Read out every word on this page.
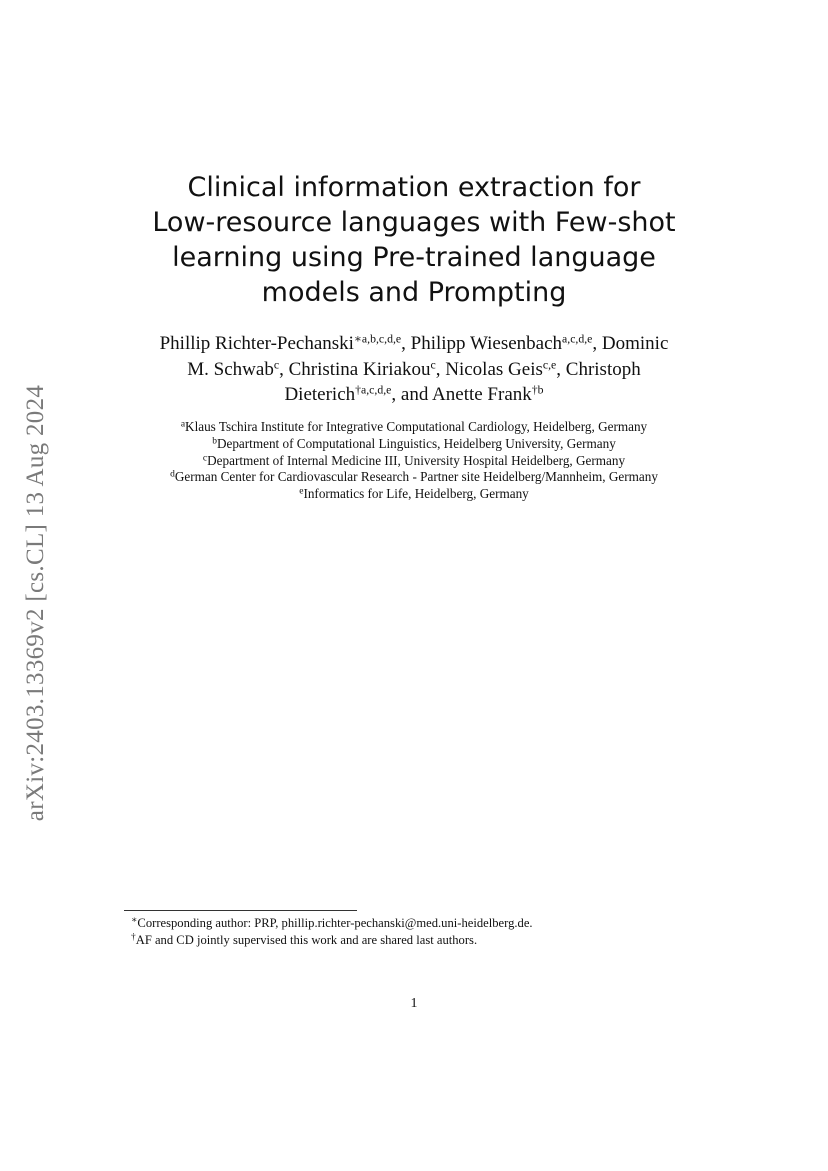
arXiv:2403.13369v2 [cs.CL] 13 Aug 2024
Clinical information extraction for
Low-resource languages with Few-shot
learning using Pre-trained language
models and Prompting
Phillip Richter-Pechanski$^{∗a,b,c,d,e}$, Philipp Wiesenbach$^{a,c,d,e}$, Dominic
M. Schwab$^c$, Christina Kiriakou$^c$, Nicolas Geis$^{c,e}$, Christoph
Dieterich$^{\dagger a,c,d,e}$, and Anette Frank$^{\dagger b}$
$^a$Klaus Tschira Institute for Integrative Computational Cardiology, Heidelberg, Germany
$^b$Department of Computational Linguistics, Heidelberg University, Germany
$^c$Department of Internal Medicine III, University Hospital Heidelberg, Germany
$^d$German Center for Cardiovascular Research - Partner site Heidelberg/Mannheim, Germany
$^e$Informatics for Life, Heidelberg, Germany
∗Corresponding author: PRP, phillip.richter-pechanski@med.uni-heidelberg.de.
†AF and CD jointly supervised this work and are shared last authors.
1
